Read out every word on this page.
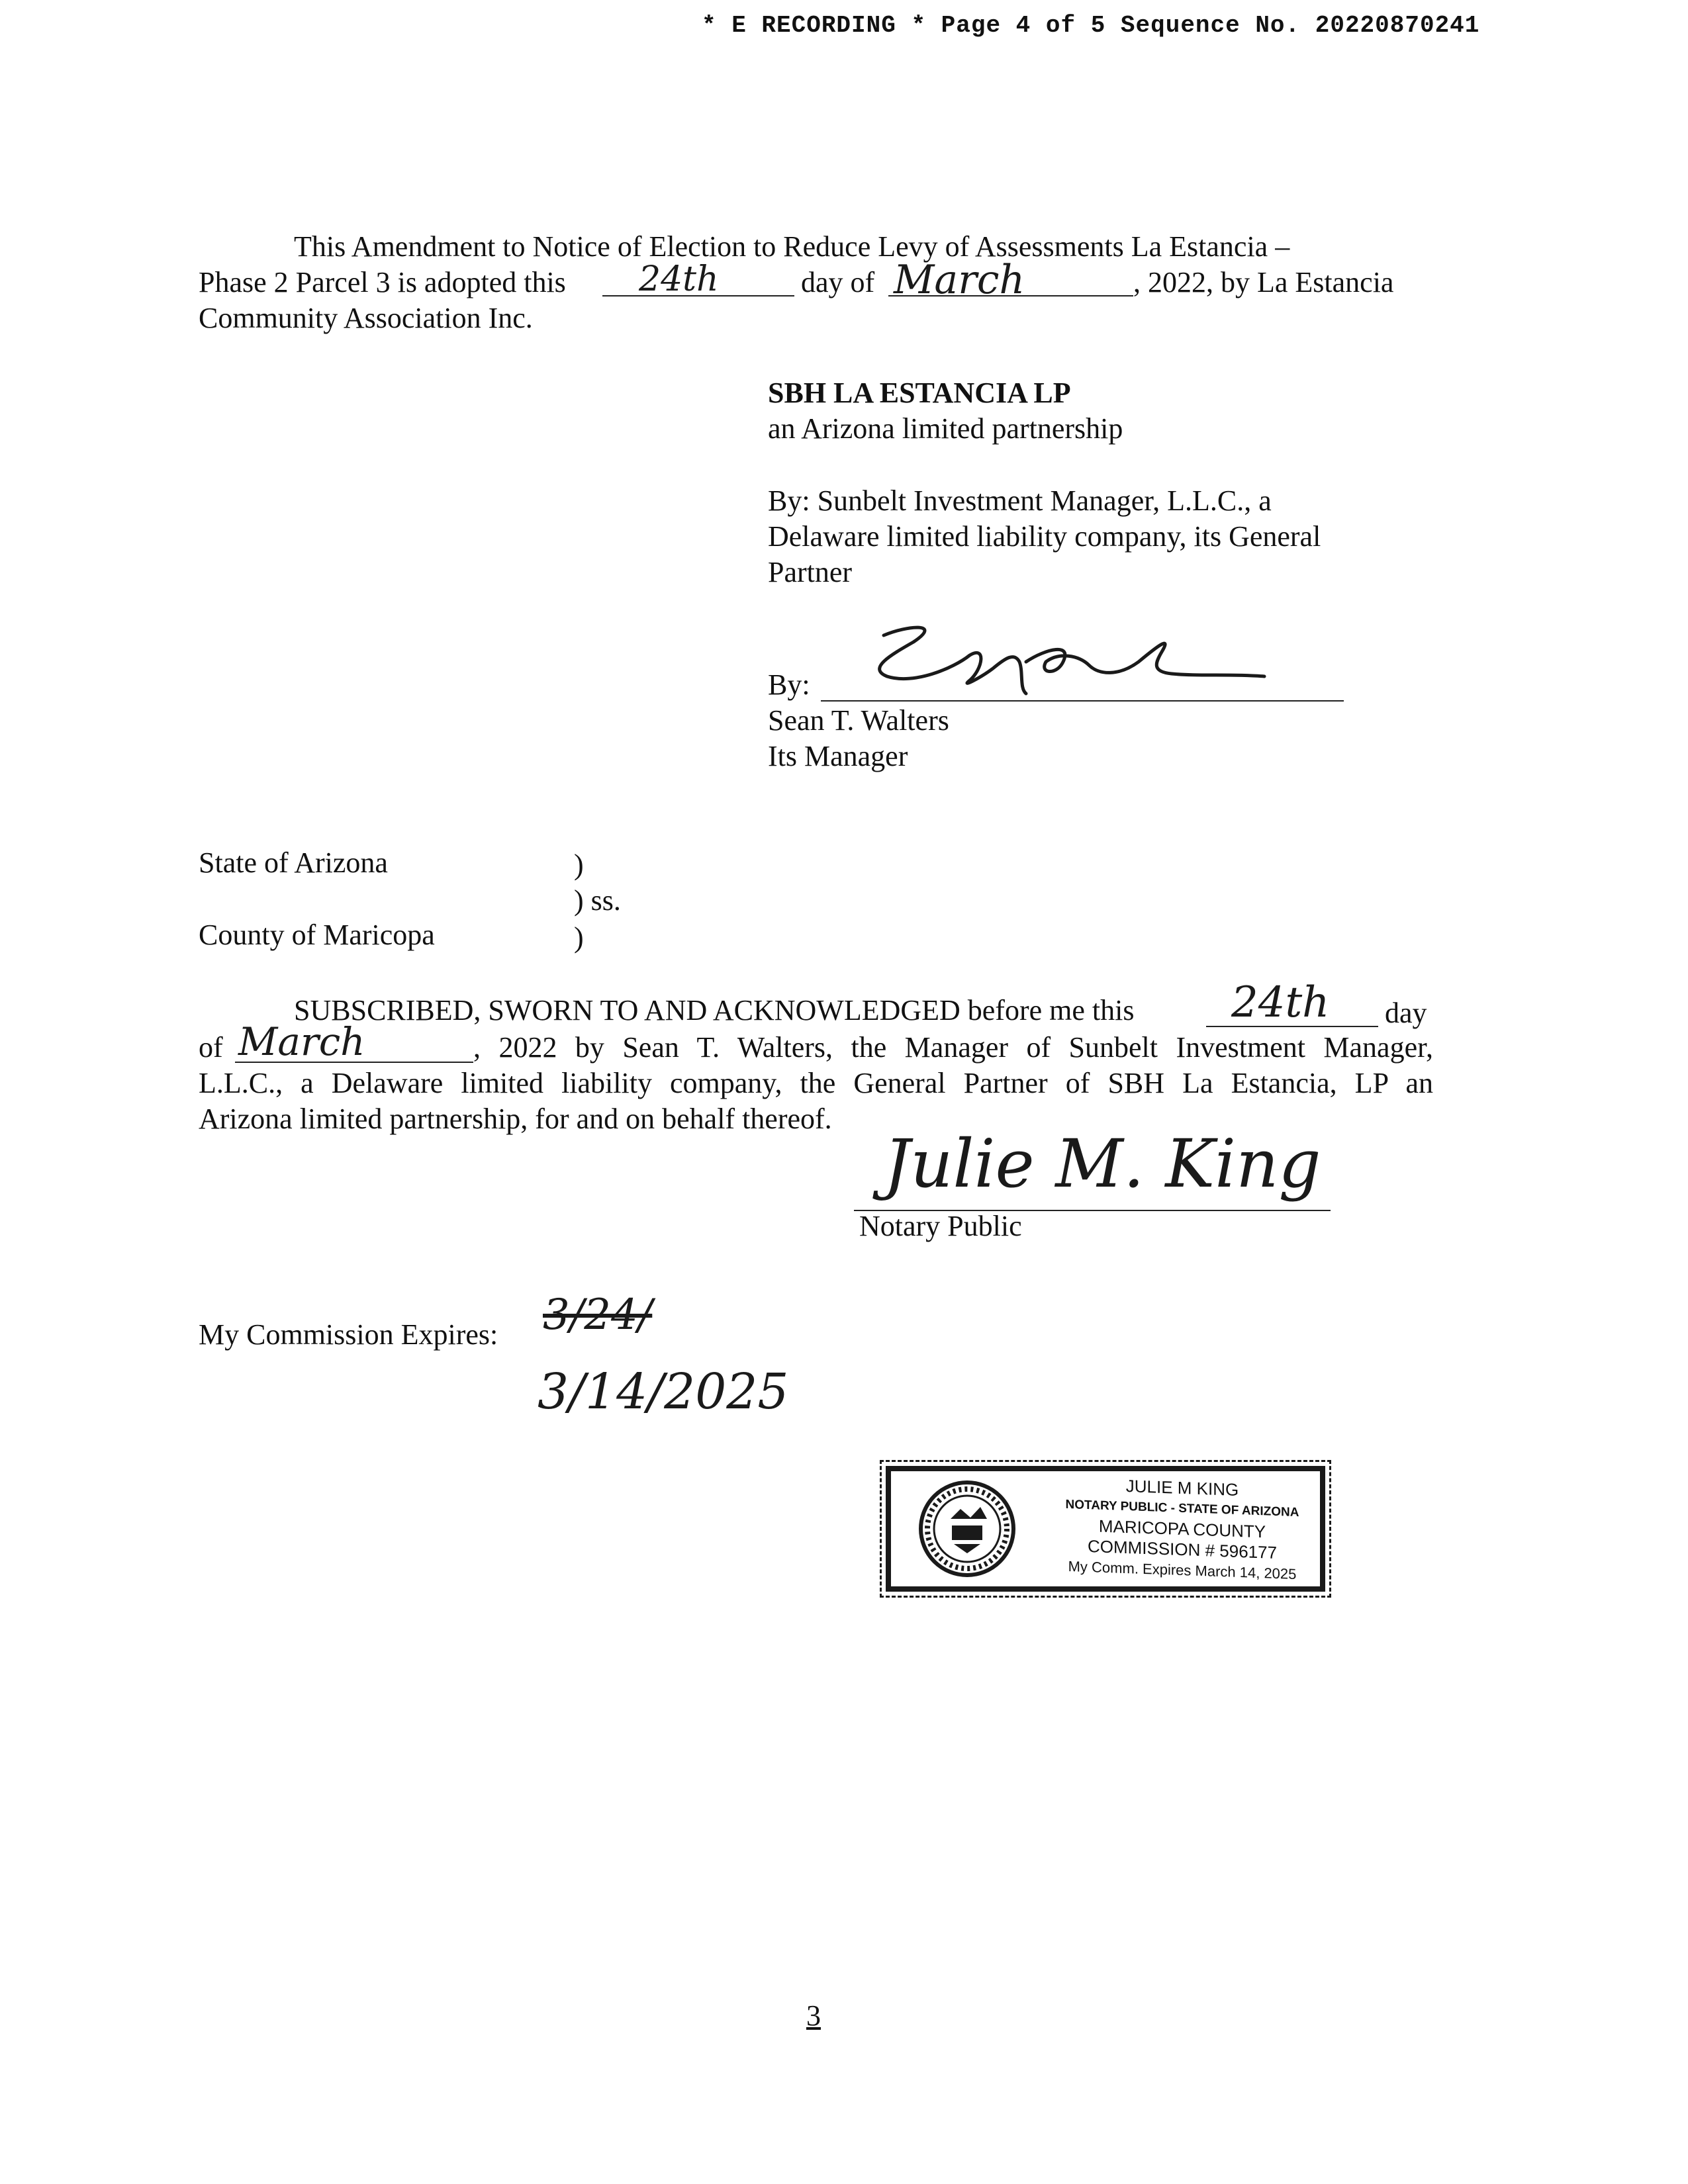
* E RECORDING * Page 4 of 5 Sequence No. 20220870241
This Amendment to Notice of Election to Reduce Levy of Assessments La Estancia –
Phase 2 Parcel 3 is adopted this 24th	day of March	, 2022, by La Estancia
Community Association Inc.
SBH LA ESTANCIA LP
an Arizona limited partnership
By: Sunbelt Investment Manager, L.L.C., a
Delaware limited liability company, its General
Partner
By:
Sean T. Walters
Its Manager
State of Arizona	)
) ss.
County of Maricopa	)
SUBSCRIBED, SWORN TO AND ACKNOWLEDGED before me this 24th day
of March	, 2022 by Sean T. Walters, the Manager of Sunbelt Investment Manager,
L.L.C., a Delaware limited liability company, the General Partner of SBH La Estancia, LP an
Arizona limited partnership, for and on behalf thereof.
Julie M. King
Notary Public
My Commission Expires: 3/24/
3/14/2025
JULIE M KING
NOTARY PUBLIC - STATE OF ARIZONA
MARICOPA COUNTY
COMMISSION # 596177
My Comm. Expires March 14, 2025
3
